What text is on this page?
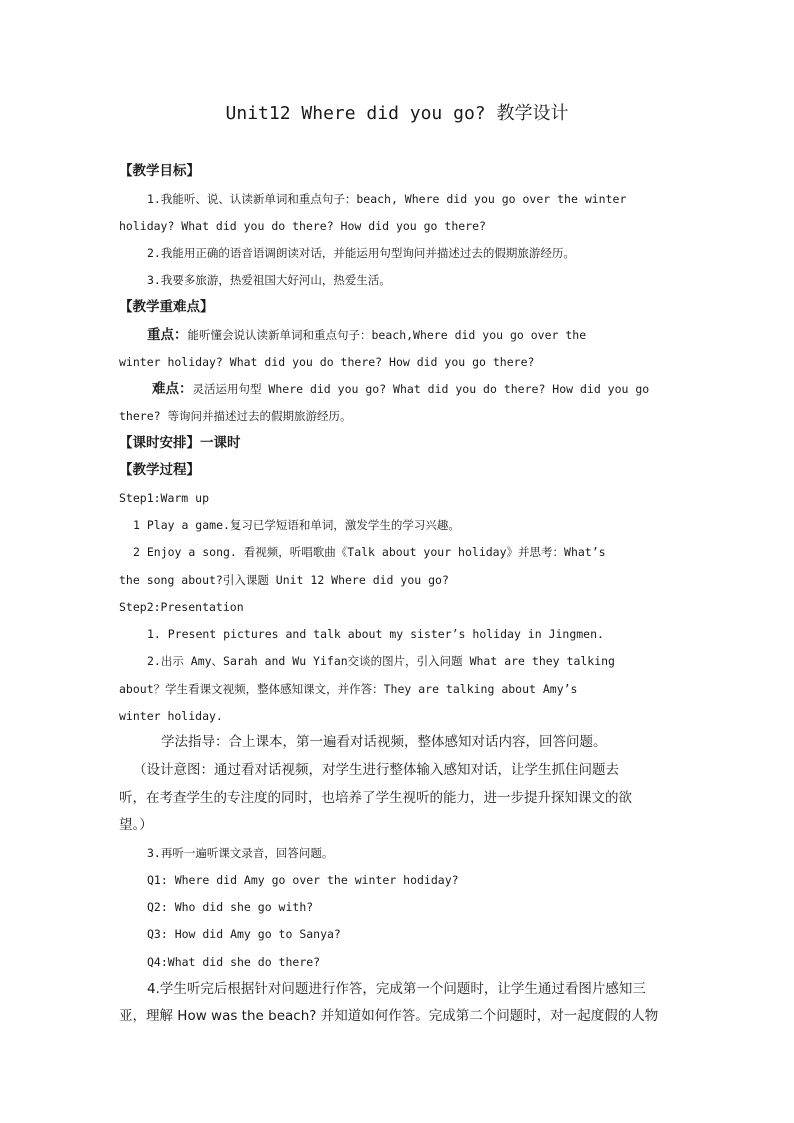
Unit12 Where did you go? 教学设计
【教学目标】
1.我能听、说、认读新单词和重点句子：beach, Where did you go over the winter
holiday? What did you do there? How did you go there?
2.我能用正确的语音语调朗读对话，并能运用句型询问并描述过去的假期旅游经历。
3.我要多旅游，热爱祖国大好河山，热爱生活。
【教学重难点】
重点：能听懂会说认读新单词和重点句子：beach,Where did you go over the
winter holiday? What did you do there? How did you go there?
难点：灵活运用句型 Where did you go? What did you do there? How did you go
there? 等询问并描述过去的假期旅游经历。
【课时安排】一课时
【教学过程】
Step1:Warm up
1 Play a game.复习已学短语和单词，激发学生的学习兴趣。
2 Enjoy a song. 看视频，听唱歌曲《Talk about your holiday》并思考：What’s
the song about?引入课题 Unit 12 Where did you go?
Step2:Presentation
1. Present pictures and talk about my sister’s holiday in Jingmen.
2.出示 Amy、Sarah and Wu Yifan交谈的图片，引入问题 What are they talking
about？学生看课文视频，整体感知课文，并作答：They are talking about Amy’s
winter holiday.
学法指导：合上课本，第一遍看对话视频，整体感知对话内容，回答问题。
（设计意图：通过看对话视频，对学生进行整体输入感知对话，让学生抓住问题去
听，在考查学生的专注度的同时，也培养了学生视听的能力，进一步提升探知课文的欲
望。）
3.再听一遍听课文录音，回答问题。
Q1: Where did Amy go over the winter hodiday?
Q2: Who did she go with?
Q3: How did Amy go to Sanya?
Q4:What did she do there?
4.学生听完后根据针对问题进行作答，完成第一个问题时，让学生通过看图片感知三
亚，理解 How was the beach? 并知道如何作答。完成第二个问题时，对一起度假的人物
